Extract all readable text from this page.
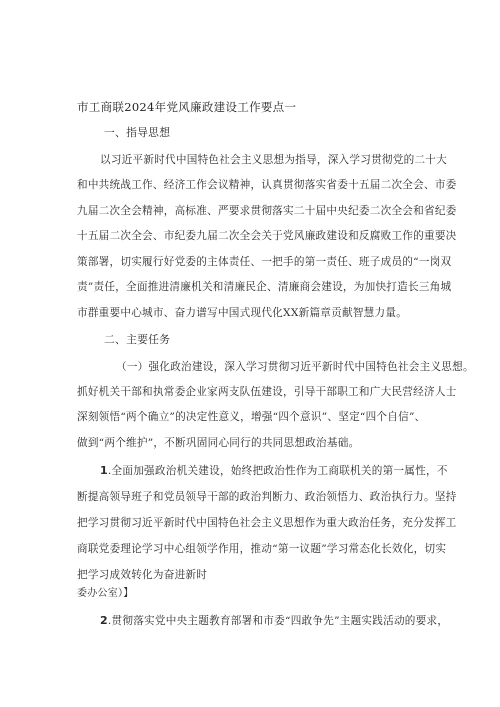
市工商联2024年党风廉政建设工作要点一
一、指导思想
以习近平新时代中国特色社会主义思想为指导，深入学习贯彻党的二十大
和中共统战工作、经济工作会议精神，认真贯彻落实省委十五届二次全会、市委
九届二次全会精神，高标准、严要求贯彻落实二十届中央纪委二次全会和省纪委
十五届二次全会、市纪委九届二次全会关于党风廉政建设和反腐败工作的重要决
策部署，切实履行好党委的主体责任、一把手的第一责任、班子成员的“一岗双
责”责任，全面推进清廉机关和清廉民企、清廉商会建设，为加快打造长三角城
市群重要中心城市、奋力谱写中国式现代化XX新篇章贡献智慧力量。
二、主要任务
（一）强化政治建设，深入学习贯彻习近平新时代中国特色社会主义思想。
抓好机关干部和执常委企业家两支队伍建设，引导干部职工和广大民营经济人士
深刻领悟“两个确立”的决定性意义，增强“四个意识”、坚定“四个自信”、
做到“两个维护”，不断巩固同心同行的共同思想政治基础。
1.全面加强政治机关建设，始终把政治性作为工商联机关的第一属性，不
断提高领导班子和党员领导干部的政治判断力、政治领悟力、政治执行力。坚持
把学习贯彻习近平新时代中国特色社会主义思想作为重大政治任务，充分发挥工
商联党委理论学习中心组领学作用，推动“第一议题”学习常态化长效化，切实
把学习成效转化为奋进新时
委办公室）】
2.贯彻落实党中央主题教育部署和市委“四敢争先”主题实践活动的要求，
